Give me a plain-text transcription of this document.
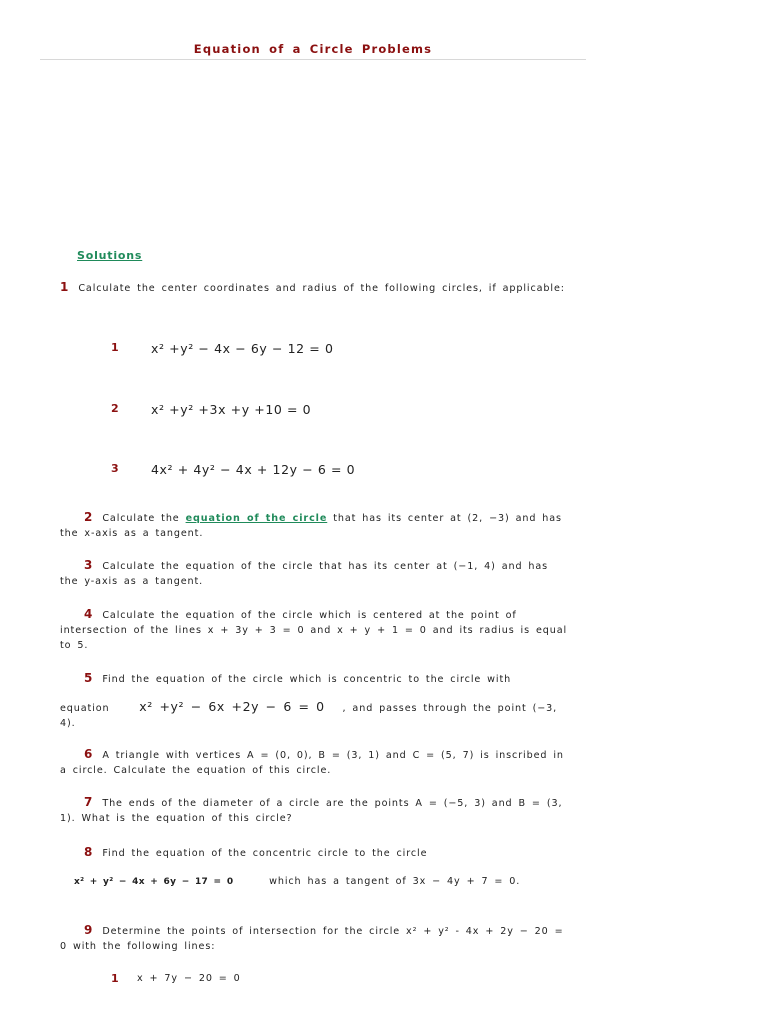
Equation of a Circle Problems
Solutions

1 Calculate the center coordinates and radius of the following circles, if applicable:

1	x² +y² − 4x − 6y − 12 = 0
2	x² +y² +3x +y +10 = 0
3	4x² + 4y² − 4x + 12y − 6 = 0

2 Calculate the equation of the circle that has its center at (2, −3) and has the x-axis as a tangent.

3 Calculate the equation of the circle that has its center at (−1, 4) and has the y-axis as a tangent.

4 Calculate the equation of the circle which is centered at the point of intersection of the lines x + 3y + 3 = 0 and x + y + 1 = 0 and its radius is equal to 5.

5 Find the equation of the circle which is concentric to the circle with

equation x² +y² − 6x +2y − 6 = 0 , and passes through the point (−3, 4).

6 A triangle with vertices A = (0, 0), B = (3, 1) and C = (5, 7) is inscribed in a circle. Calculate the equation of this circle.

7 The ends of the diameter of a circle are the points A = (−5, 3) and B = (3, 1). What is the equation of this circle?

8 Find the equation of the concentric circle to the circle

x² + y² − 4x + 6y − 17 = 0	which has a tangent of 3x − 4y + 7 = 0.

9 Determine the points of intersection for the circle x² + y² - 4x + 2y − 20 = 0 with the following lines:

1 x + 7y − 20 = 0
